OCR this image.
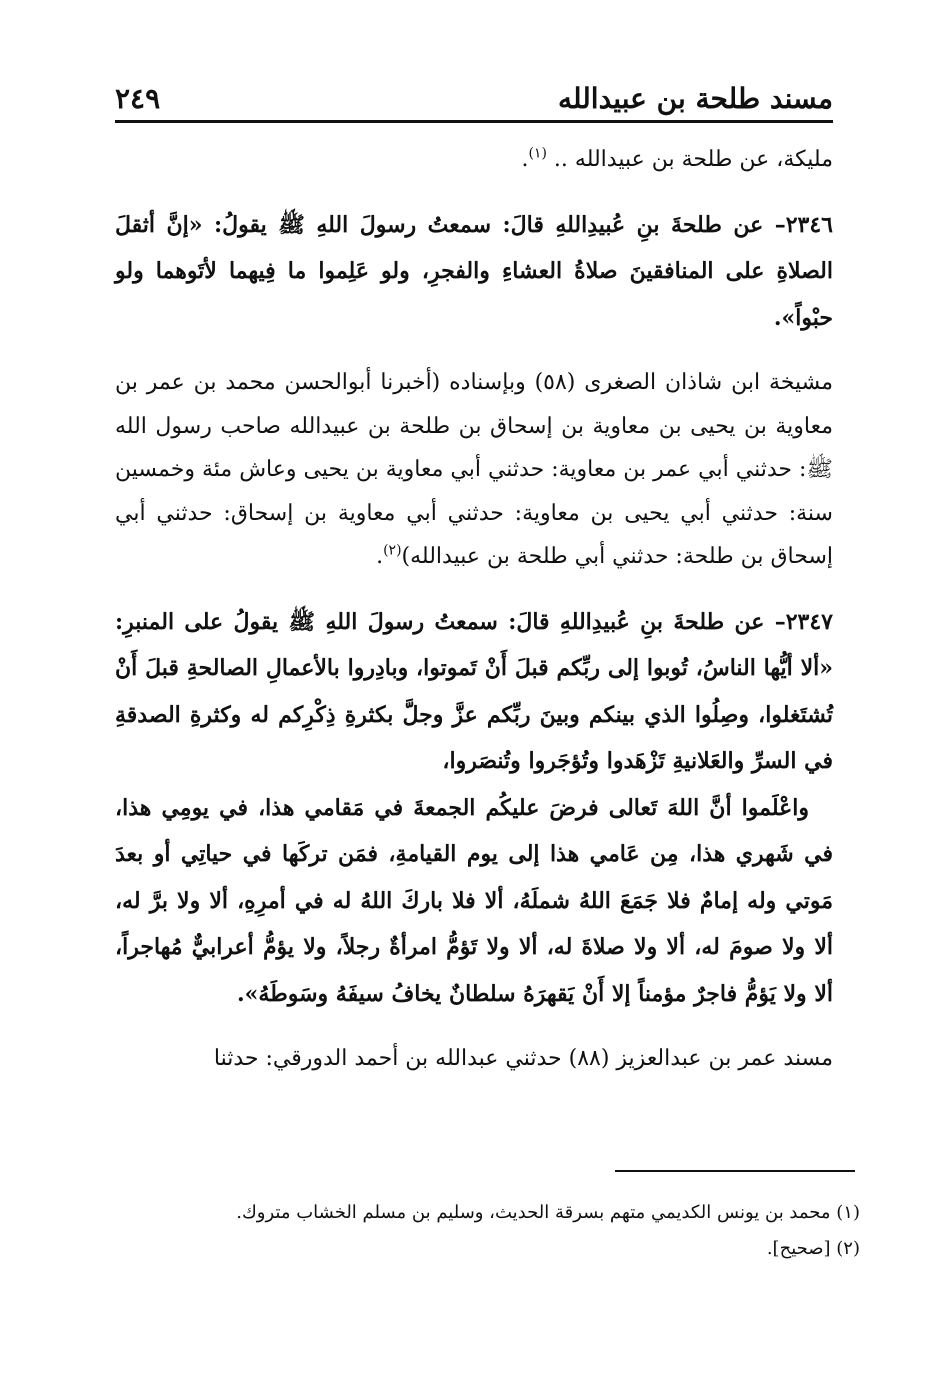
مسند طلحة بن عبيدالله
٢٤٩

مليكة، عن طلحة بن عبيدالله .. $^{(١)}$.

٢٣٤٦– عن طلحةَ بنِ عُبيدِاللهِ قالَ: سمعتُ رسولَ اللهِ ﷺ يقولُ: «إنَّ أثقلَ الصلاةِ على المنافقينَ صلاةُ العشاءِ والفجرِ، ولو عَلِموا ما فِيهما لأتَوهما ولو حبْواً».

مشيخة ابن شاذان الصغرى (٥٨) وبإسناده (أخبرنا أبوالحسن محمد بن عمر بن معاوية بن يحيى بن معاوية بن إسحاق بن طلحة بن عبيدالله صاحب رسول الله ﷺ: حدثني أبي عمر بن معاوية: حدثني أبي معاوية بن يحيى وعاش مئة وخمسين سنة: حدثني أبي يحيى بن معاوية: حدثني أبي معاوية بن إسحاق: حدثني أبي إسحاق بن طلحة: حدثني أبي طلحة بن عبيدالله)$^{(٢)}$.

٢٣٤٧– عن طلحةَ بنِ عُبيدِاللهِ قالَ: سمعتُ رسولَ اللهِ ﷺ يقولُ على المنبرِ: «ألا أيُّها الناسُ، تُوبوا إلى ربِّكم قبلَ أَنْ تَموتوا، وبادِروا بالأعمالِ الصالحةِ قبلَ أَنْ تُشتَغلوا، وصِلُوا الذي بينكم وبينَ ربِّكم عزَّ وجلَّ بكثرةِ ذِكْرِكم له وكثرةِ الصدقةِ في السرِّ والعَلانيةِ تَزْهَدوا وتُؤجَروا وتُنصَروا،

واعْلَموا أنَّ اللهَ تَعالى فرضَ عليكُم الجمعةَ في مَقامي هذا، في يومِي هذا، في شَهري هذا، مِن عَامي هذا إلى يوم القيامةِ، فمَن تركَها في حياتِي أو بعدَ مَوتي وله إمامٌ فلا جَمَعَ اللهُ شملَهُ، ألا فلا باركَ اللهُ له في أمرِهِ، ألا ولا برَّ له، ألا ولا صومَ له، ألا ولا صلاةَ له، ألا ولا تَؤمُّ امرأةٌ رجلاً، ولا يؤمُّ أعرابيٌّ مُهاجراً، ألا ولا يَؤمُّ فاجرٌ مؤمناً إلا أَنْ يَقهرَهُ سلطانٌ يخافُ سيفَهُ وسَوطَهُ».

مسند عمر بن عبدالعزيز (٨٨) حدثني عبدالله بن أحمد الدورقي: حدثنا

(١) محمد بن يونس الكديمي متهم بسرقة الحديث، وسليم بن مسلم الخشاب متروك.

(٢) [صحيح].
